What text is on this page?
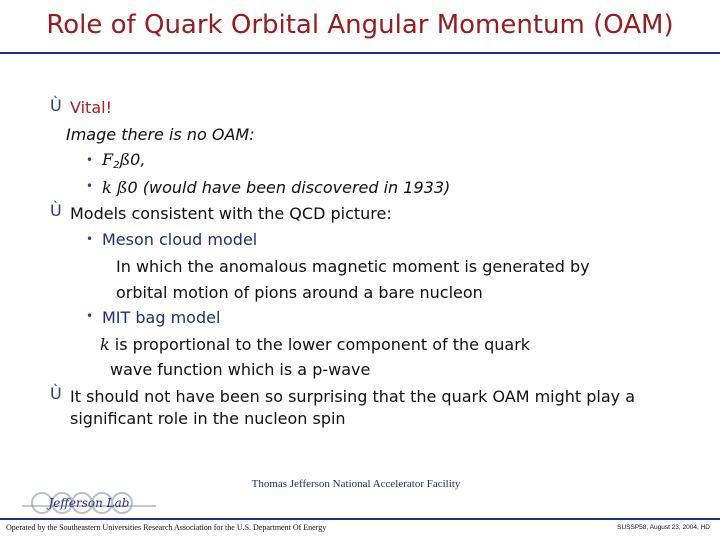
Role of Quark Orbital Angular Momentum (OAM)
Ù Vital!
Image there is no OAM:
• $F_2ß0$,
• k ß0 (would have been discovered in 1933)
Ù Models consistent with the QCD picture:
• Meson cloud model
In which the anomalous magnetic moment is generated by
orbital motion of pions around a bare nucleon
• MIT bag model
k is proportional to the lower component of the quark
wave function which is a p-wave
Ù It should not have been so surprising that the quark OAM might play a
significant role in the nucleon spin
Jefferson Lab
Thomas Jefferson National Accelerator Facility
Operated by the Southeastern Universities Research Association for the U.S. Department Of Energy	SUSSP58, August 23, 2004, HD
